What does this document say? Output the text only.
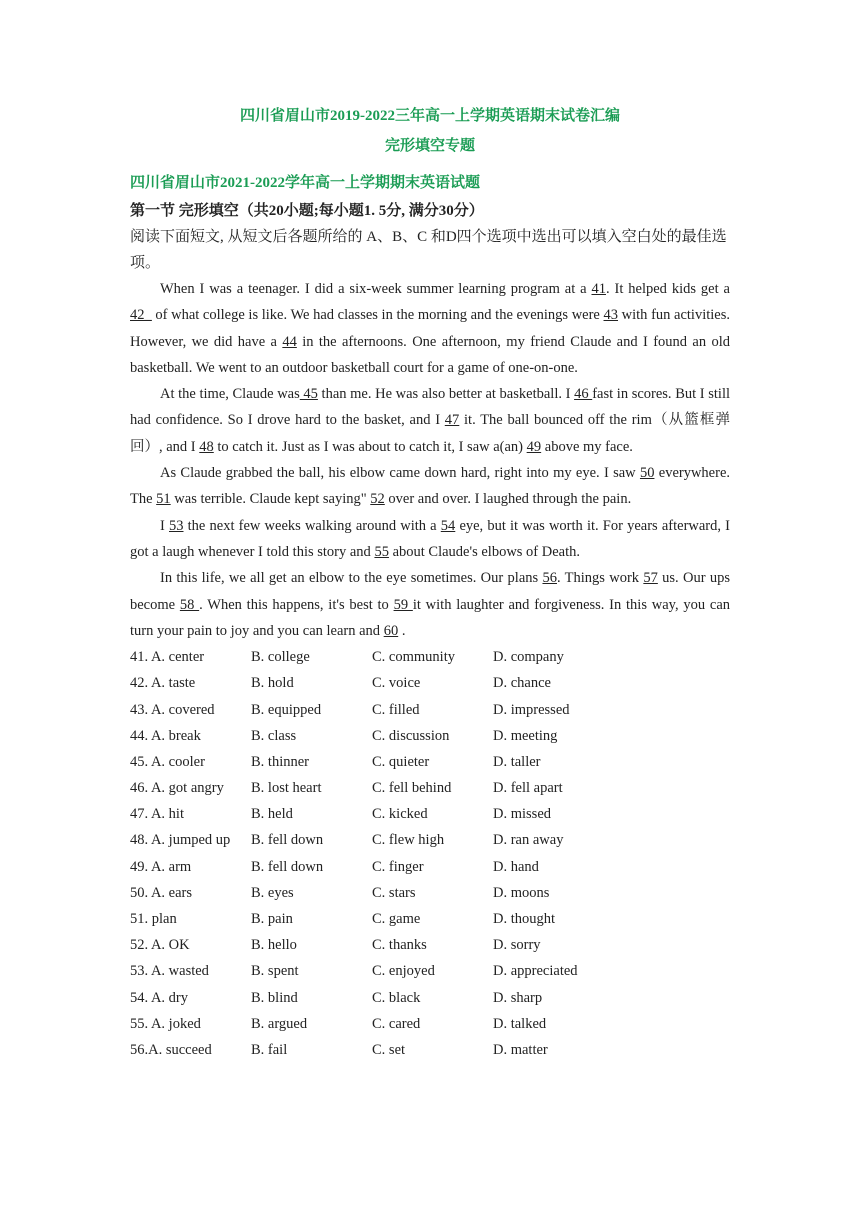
四川省眉山市2019-2022三年高一上学期英语期末试卷汇编
完形填空专题
四川省眉山市2021-2022学年高一上学期期末英语试题
第一节 完形填空（共20小题;每小题1. 5分, 满分30分）
阅读下面短文, 从短文后各题所给的 A、B、C 和D四个选项中选出可以填入空白处的最佳选项。
When I was a teenager. I did a six-week summer learning program at a 41. It helped kids get a 42_ of what college is like. We had classes in the morning and the evenings were 43 with fun activities. However, we did have a 44 in the afternoons. One afternoon, my friend Claude and I found an old basketball. We went to an outdoor basketball court for a game of one-on-one.
At the time, Claude was 45 than me. He was also better at basketball. I 46 fast in scores. But I still had confidence. So I drove hard to the basket, and I 47 it. The ball bounced off the rim（从篮框弹回）, and I 48 to catch it. Just as I was about to catch it, I saw a(an) 49 above my face.
As Claude grabbed the ball, his elbow came down hard, right into my eye. I saw 50 everywhere. The 51 was terrible. Claude kept saying" 52 over and over. I laughed through the pain.
I 53 the next few weeks walking around with a 54 eye, but it was worth it. For years afterward, I got a laugh whenever I told this story and 55 about Claude's elbows of Death.
In this life, we all get an elbow to the eye sometimes. Our plans 56. Things work 57 us. Our ups become 58 . When this happens, it's best to 59 it with laughter and forgiveness. In this way, you can turn your pain to joy and you can learn and 60 .
41. A. center	B. college	C. community	D. company
42. A. taste	B. hold	C. voice	D. chance
43. A. covered	B. equipped	C. filled	D. impressed
44. A. break	B. class	C. discussion	D. meeting
45. A. cooler	B. thinner	C. quieter	D. taller
46. A. got angry	B. lost heart	C. fell behind	D. fell apart
47. A. hit	B. held	C. kicked	D. missed
48. A. jumped up	B. fell down	C. flew high	D. ran away
49. A. arm	B. fell down	C. finger	D. hand
50. A. ears	B. eyes	C. stars	D. moons
51. plan	B. pain	C. game	D. thought
52. A. OK	B. hello	C. thanks	D. sorry
53. A. wasted	B. spent	C. enjoyed	D. appreciated
54. A. dry	B. blind	C. black	D. sharp
55. A. joked	B. argued	C. cared	D. talked
56.A. succeed	B. fail	C. set	D. matter
